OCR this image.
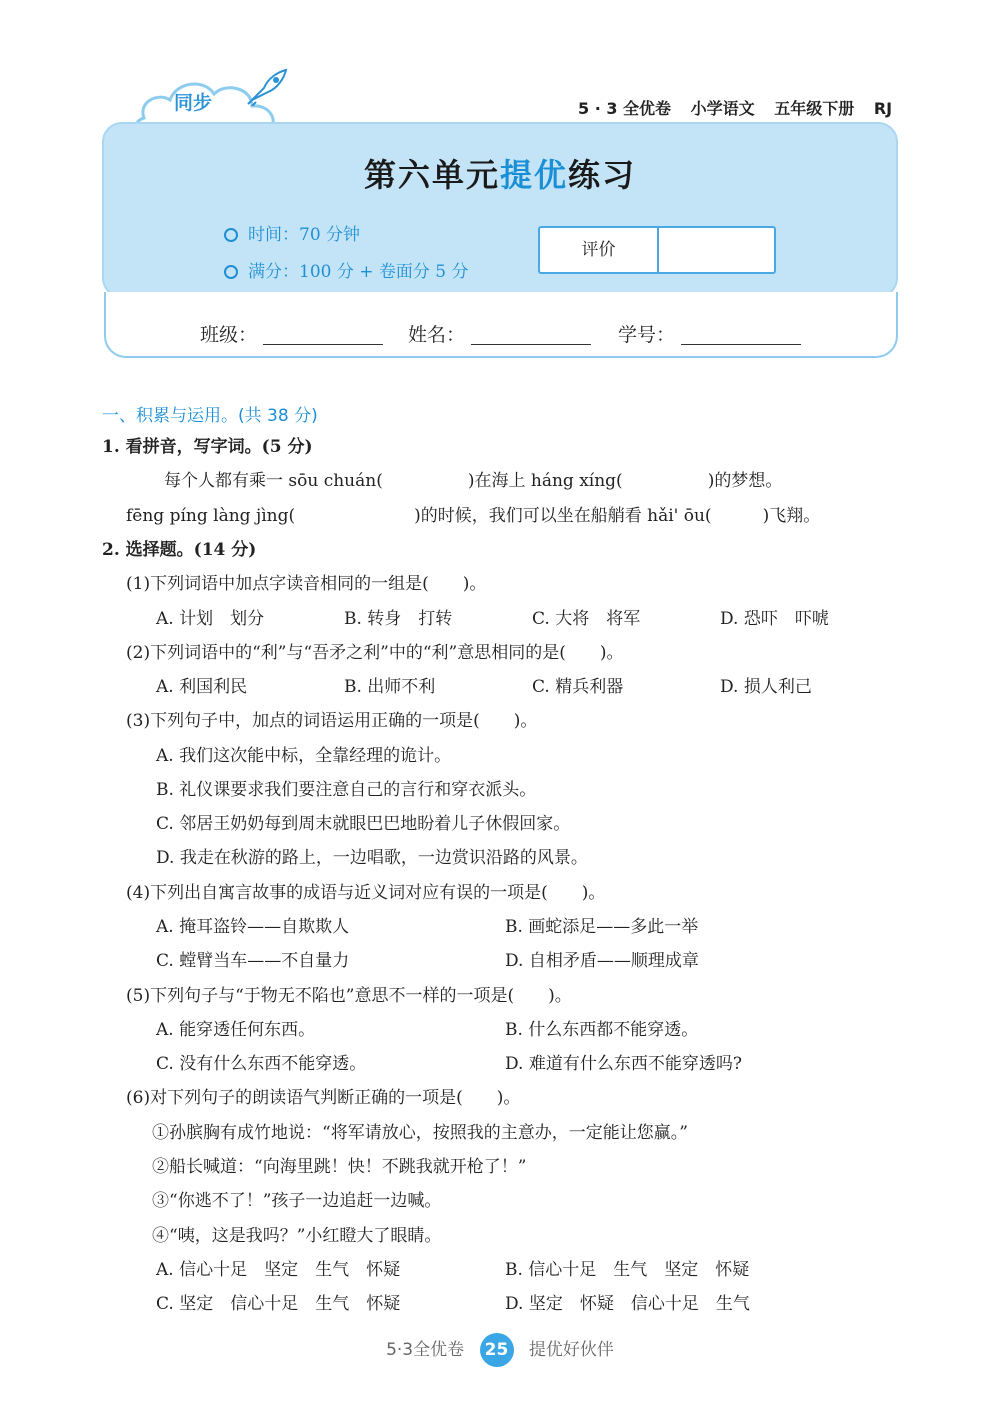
同步	5 · 3 全优卷 小学语文 五年级下册 RJ
第六单元提优练习
时间：70 分钟
满分：100 分 + 卷面分 5 分
评价
班级：	姓名：	学号：
一、积累与运用。(共 38 分)
1. 看拼音，写字词。(5 分)
每个人都有乘一 sōu chuán(　　　　　)在海上 háng xíng(　　　　　)的梦想。
fēng píng làng jìng(　　　　　　　)的时候，我们可以坐在船艄看 hǎi' ōu(　　　)飞翔。
2. 选择题。(14 分)
(1)下列词语中加点字读音相同的一组是(　　)。
A. 计划　划分	B. 转身　打转	C. 大将　将军	D. 恐吓　吓唬
(2)下列词语中的“利”与“吾矛之利”中的“利”意思相同的是(　　)。
A. 利国利民	B. 出师不利	C. 精兵利器	D. 损人利己
(3)下列句子中，加点的词语运用正确的一项是(　　)。
A. 我们这次能中标，全靠经理的诡计。
B. 礼仪课要求我们要注意自己的言行和穿衣派头。
C. 邻居王奶奶每到周末就眼巴巴地盼着儿子休假回家。
D. 我走在秋游的路上，一边唱歌，一边赏识沿路的风景。
(4)下列出自寓言故事的成语与近义词对应有误的一项是(　　)。
A. 掩耳盗铃——自欺欺人	B. 画蛇添足——多此一举
C. 螳臂当车——不自量力	D. 自相矛盾——顺理成章
(5)下列句子与“于物无不陷也”意思不一样的一项是(　　)。
A. 能穿透任何东西。	B. 什么东西都不能穿透。
C. 没有什么东西不能穿透。	D. 难道有什么东西不能穿透吗?
(6)对下列句子的朗读语气判断正确的一项是(　　)。
①孙膑胸有成竹地说：“将军请放心，按照我的主意办，一定能让您赢。”
②船长喊道：“向海里跳！快！不跳我就开枪了！”
③“你逃不了！”孩子一边追赶一边喊。
④“咦，这是我吗？”小红瞪大了眼睛。
A. 信心十足　坚定　生气　怀疑	B. 信心十足　生气　坚定　怀疑
C. 坚定　信心十足　生气　怀疑	D. 坚定　怀疑　信心十足　生气
5·3全优卷 25 提优好伙伴
